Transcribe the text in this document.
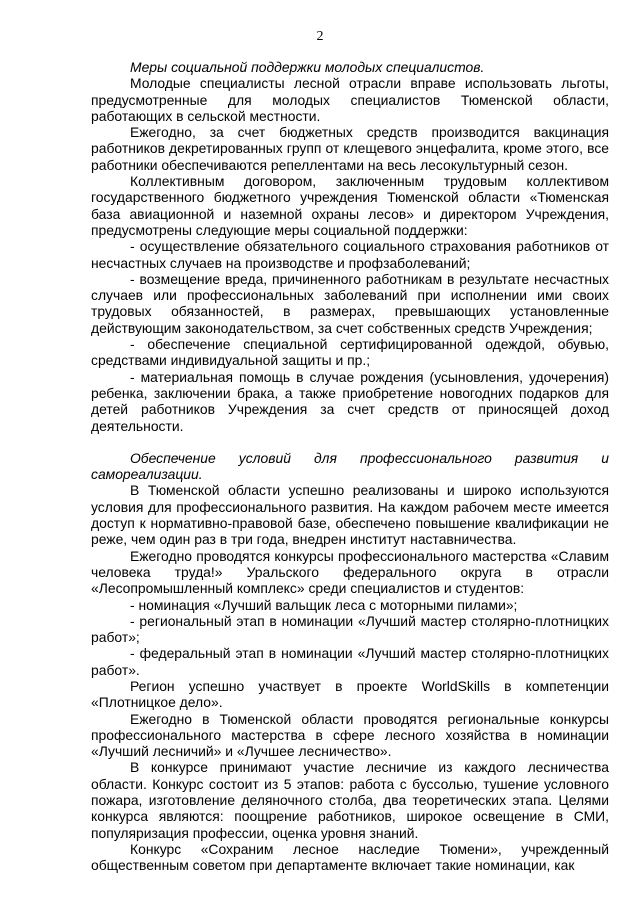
2

Меры социальной поддержки молодых специалистов.

Молодые специалисты лесной отрасли вправе использовать льготы, предусмотренные для молодых специалистов Тюменской области, работающих в сельской местности.

Ежегодно, за счет бюджетных средств производится вакцинация работников декретированных групп от клещевого энцефалита, кроме этого, все работники обеспечиваются репеллентами на весь лесокультурный сезон.

Коллективным договором, заключенным трудовым коллективом государственного бюджетного учреждения Тюменской области «Тюменская база авиационной и наземной охраны лесов» и директором Учреждения, предусмотрены следующие меры социальной поддержки:

- осуществление обязательного социального страхования работников от несчастных случаев на производстве и профзаболеваний;

- возмещение вреда, причиненного работникам в результате несчастных случаев или профессиональных заболеваний при исполнении ими своих трудовых обязанностей, в размерах, превышающих установленные действующим законодательством, за счет собственных средств Учреждения;

- обеспечение специальной сертифицированной одеждой, обувью, средствами индивидуальной защиты и пр.;

- материальная помощь в случае рождения (усыновления, удочерения) ребенка, заключении брака, а также приобретение новогодних подарков для детей работников Учреждения за счет средств от приносящей доход деятельности.

Обеспечение условий для профессионального развития и самореализации.

В Тюменской области успешно реализованы и широко используются условия для профессионального развития. На каждом рабочем месте имеется доступ к нормативно-правовой базе, обеспечено повышение квалификации не реже, чем один раз в три года, внедрен институт наставничества.

Ежегодно проводятся конкурсы профессионального мастерства «Славим человека труда!» Уральского федерального округа в отрасли «Лесопромышленный комплекс» среди специалистов и студентов:

- номинация «Лучший вальщик леса с моторными пилами»;

- региональный этап в номинации «Лучший мастер столярно-плотницких работ»;

- федеральный этап в номинации «Лучший мастер столярно-плотницких работ».

Регион успешно участвует в проекте WorldSkills в компетенции «Плотницкое дело».

Ежегодно в Тюменской области проводятся региональные конкурсы профессионального мастерства в сфере лесного хозяйства в номинации «Лучший лесничий» и «Лучшее лесничество».

В конкурсе принимают участие лесничие из каждого лесничества области. Конкурс состоит из 5 этапов: работа с буссолью, тушение условного пожара, изготовление деляночного столба, два теоретических этапа. Целями конкурса являются: поощрение работников, широкое освещение в СМИ, популяризация профессии, оценка уровня знаний.

Конкурс «Сохраним лесное наследие Тюмени», учрежденный общественным советом при департаменте включает такие номинации, как
